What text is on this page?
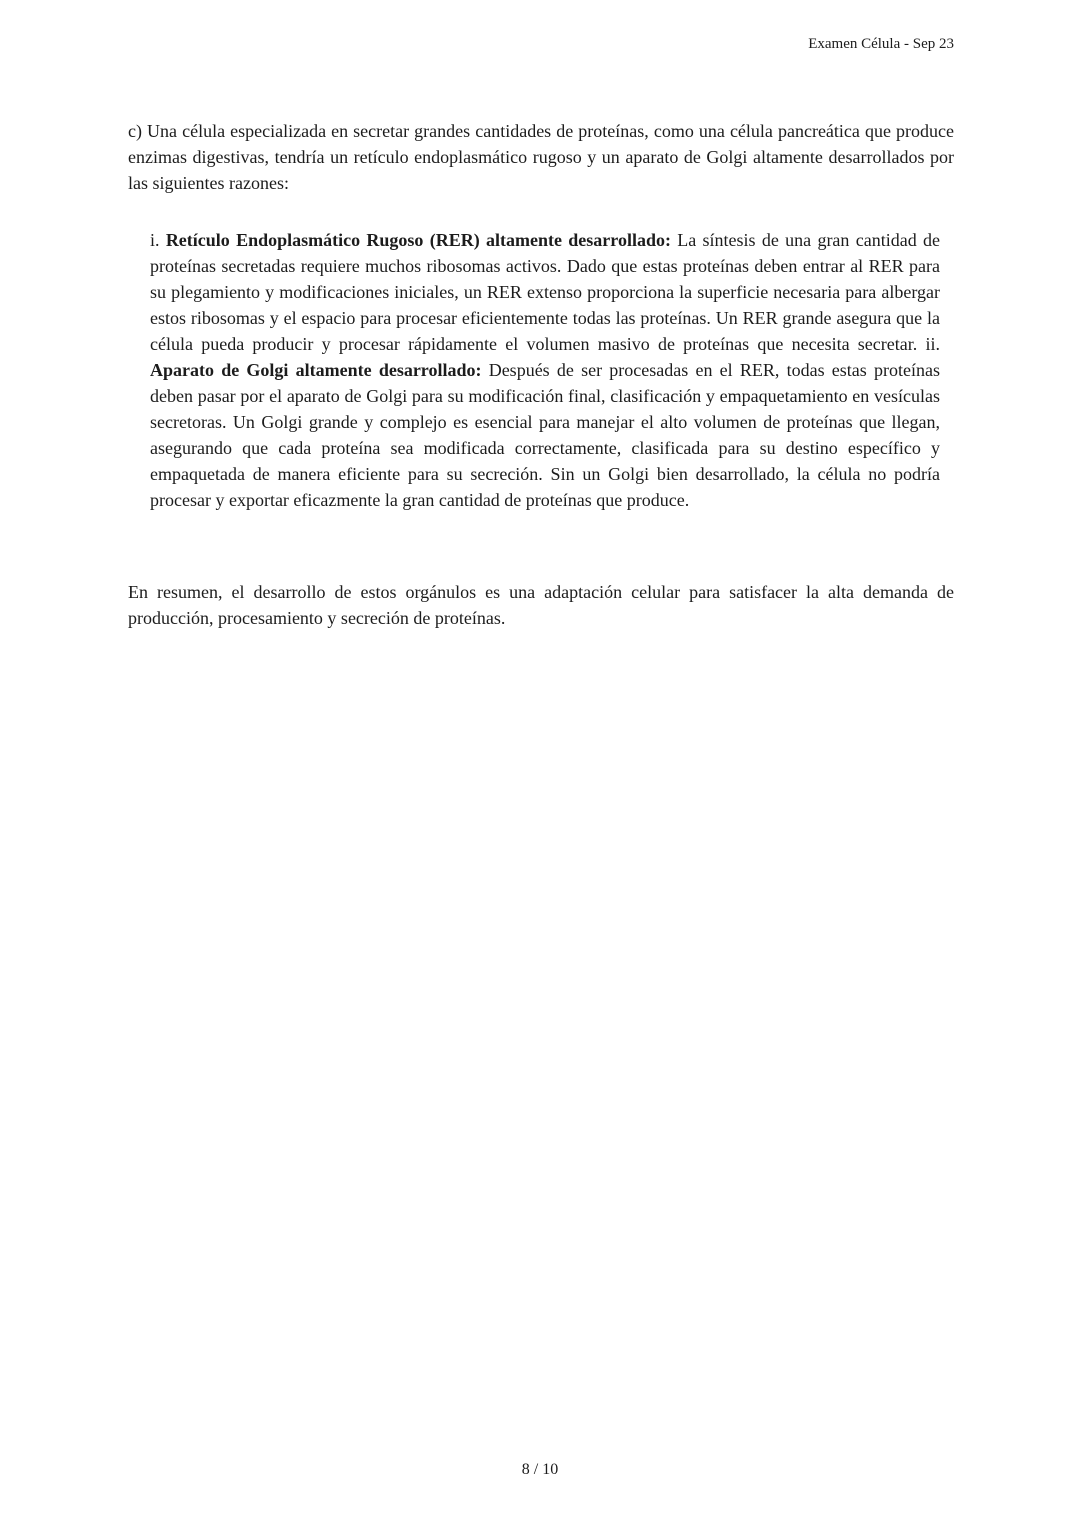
Examen Célula - Sep 23

c) Una célula especializada en secretar grandes cantidades de proteínas, como una célula pancreática que produce enzimas digestivas, tendría un retículo endoplasmático rugoso y un aparato de Golgi altamente desarrollados por las siguientes razones:

i. Retículo Endoplasmático Rugoso (RER) altamente desarrollado: La síntesis de una gran cantidad de proteínas secretadas requiere muchos ribosomas activos. Dado que estas proteínas deben entrar al RER para su plegamiento y modificaciones iniciales, un RER extenso proporciona la superficie necesaria para albergar estos ribosomas y el espacio para procesar eficientemente todas las proteínas. Un RER grande asegura que la célula pueda producir y procesar rápidamente el volumen masivo de proteínas que necesita secretar. ii. Aparato de Golgi altamente desarrollado: Después de ser procesadas en el RER, todas estas proteínas deben pasar por el aparato de Golgi para su modificación final, clasificación y empaquetamiento en vesículas secretoras. Un Golgi grande y complejo es esencial para manejar el alto volumen de proteínas que llegan, asegurando que cada proteína sea modificada correctamente, clasificada para su destino específico y empaquetada de manera eficiente para su secreción. Sin un Golgi bien desarrollado, la célula no podría procesar y exportar eficazmente la gran cantidad de proteínas que produce.

En resumen, el desarrollo de estos orgánulos es una adaptación celular para satisfacer la alta demanda de producción, procesamiento y secreción de proteínas.

8 / 10
